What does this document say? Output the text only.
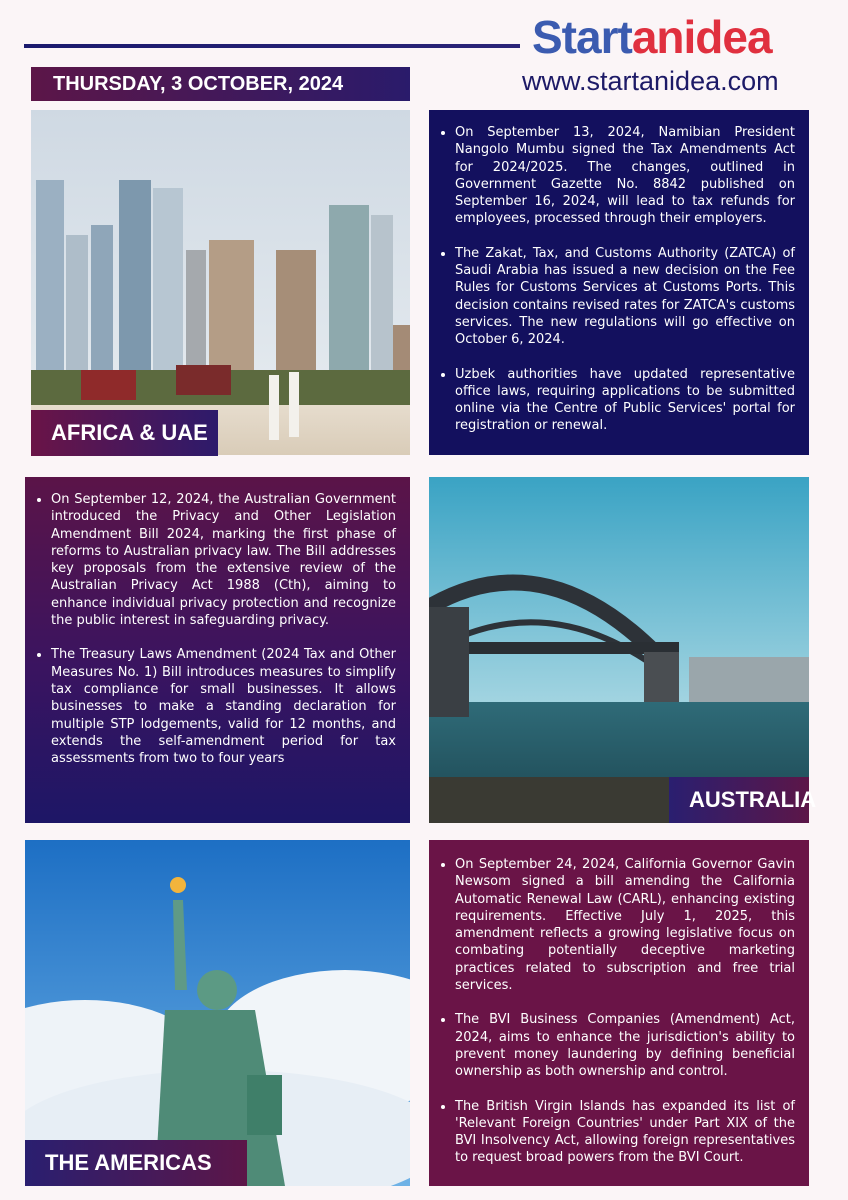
Startanidea
www.startanidea.com
THURSDAY, 3 OCTOBER, 2024
AFRICA & UAE
• On September 13, 2024, Namibian President Nangolo Mumbu signed the Tax Amendments Act for 2024/2025. The changes, outlined in Government Gazette No. 8842 published on September 16, 2024, will lead to tax refunds for employees, processed through their employers.
• The Zakat, Tax, and Customs Authority (ZATCA) of Saudi Arabia has issued a new decision on the Fee Rules for Customs Services at Customs Ports. This decision contains revised rates for ZATCA's customs services. The new regulations will go effective on October 6, 2024.
• Uzbek authorities have updated representative office laws, requiring applications to be submitted online via the Centre of Public Services' portal for registration or renewal.
• On September 12, 2024, the Australian Government introduced the Privacy and Other Legislation Amendment Bill 2024, marking the first phase of reforms to Australian privacy law. The Bill addresses key proposals from the extensive review of the Australian Privacy Act 1988 (Cth), aiming to enhance individual privacy protection and recognize the public interest in safeguarding privacy.
• The Treasury Laws Amendment (2024 Tax and Other Measures No. 1) Bill introduces measures to simplify tax compliance for small businesses. It allows businesses to make a standing declaration for multiple STP lodgements, valid for 12 months, and extends the self-amendment period for tax assessments from two to four years
AUSTRALIA
THE AMERICAS
• On September 24, 2024, California Governor Gavin Newsom signed a bill amending the California Automatic Renewal Law (CARL), enhancing existing requirements. Effective July 1, 2025, this amendment reflects a growing legislative focus on combating potentially deceptive marketing practices related to subscription and free trial services.
• The BVI Business Companies (Amendment) Act, 2024, aims to enhance the jurisdiction's ability to prevent money laundering by defining beneficial ownership as both ownership and control.
• The British Virgin Islands has expanded its list of 'Relevant Foreign Countries' under Part XIX of the BVI Insolvency Act, allowing foreign representatives to request broad powers from the BVI Court.
